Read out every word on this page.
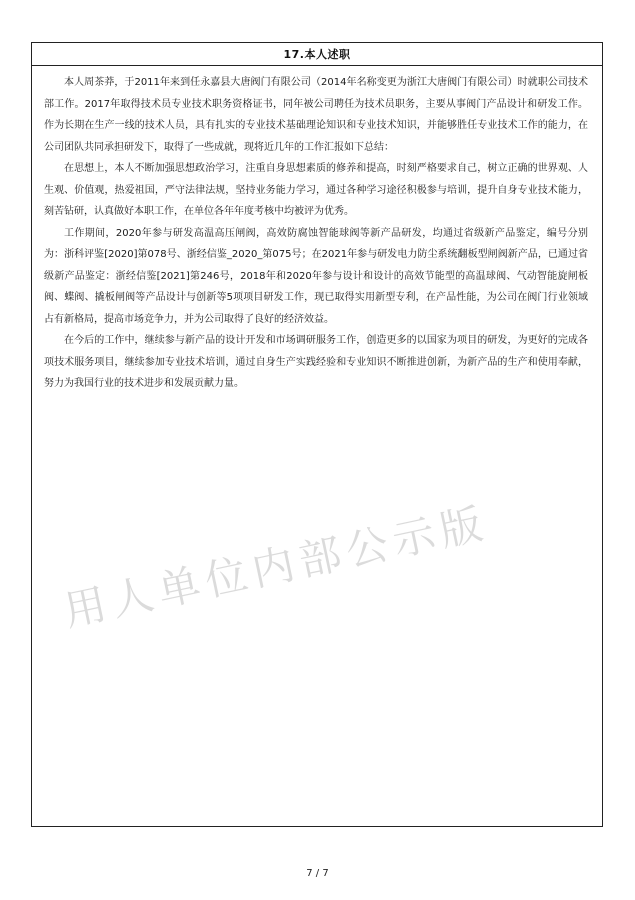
17.本人述职

本人周茶莽，于2011年来到任永嘉县大唐阀门有限公司（2014年名称变更为浙江大唐阀门有限公司）时就职公司技术部工作。2017年取得技术员专业技术职务资格证书，同年被公司聘任为技术员职务，主要从事阀门产品设计和研发工作。作为长期在生产一线的技术人员，具有扎实的专业技术基础理论知识和专业技术知识，并能够胜任专业技术工作的能力，在公司团队共同承担研发下，取得了一些成就，现将近几年的工作汇报如下总结：

在思想上，本人不断加强思想政治学习，注重自身思想素质的修养和提高，时刻严格要求自己，树立正确的世界观、人生观、价值观，热爱祖国，严守法律法规，坚持业务能力学习，通过各种学习途径积极参与培训，提升自身专业技术能力，刻苦钻研，认真做好本职工作，在单位各年年度考核中均被评为优秀。

工作期间，2020年参与研发高温高压闸阀，高效防腐蚀智能球阀等新产品研发，均通过省级新产品鉴定，编号分别为：浙科评鉴[2020]第078号、浙经信鉴_2020_第075号；在2021年参与研发电力防尘系统翻板型闸阀新产品，已通过省级新产品鉴定：浙经信鉴[2021]第246号，2018年和2020年参与设计和设计的高效节能型的高温球阀、气动智能旋闸板阀、蝶阀、撬板闸阀等产品设计与创新等5项项目研发工作，现已取得实用新型专利，在产品性能，为公司在阀门行业领域占有新格局，提高市场竞争力，并为公司取得了良好的经济效益。

在今后的工作中，继续参与新产品的设计开发和市场调研服务工作，创造更多的以国家为项目的研发，为更好的完成各项技术服务项目，继续参加专业技术培训，通过自身生产实践经验和专业知识不断推进创新，为新产品的生产和使用奉献，努力为我国行业的技术进步和发展贡献力量。

用人单位内部公示版
7 / 7
